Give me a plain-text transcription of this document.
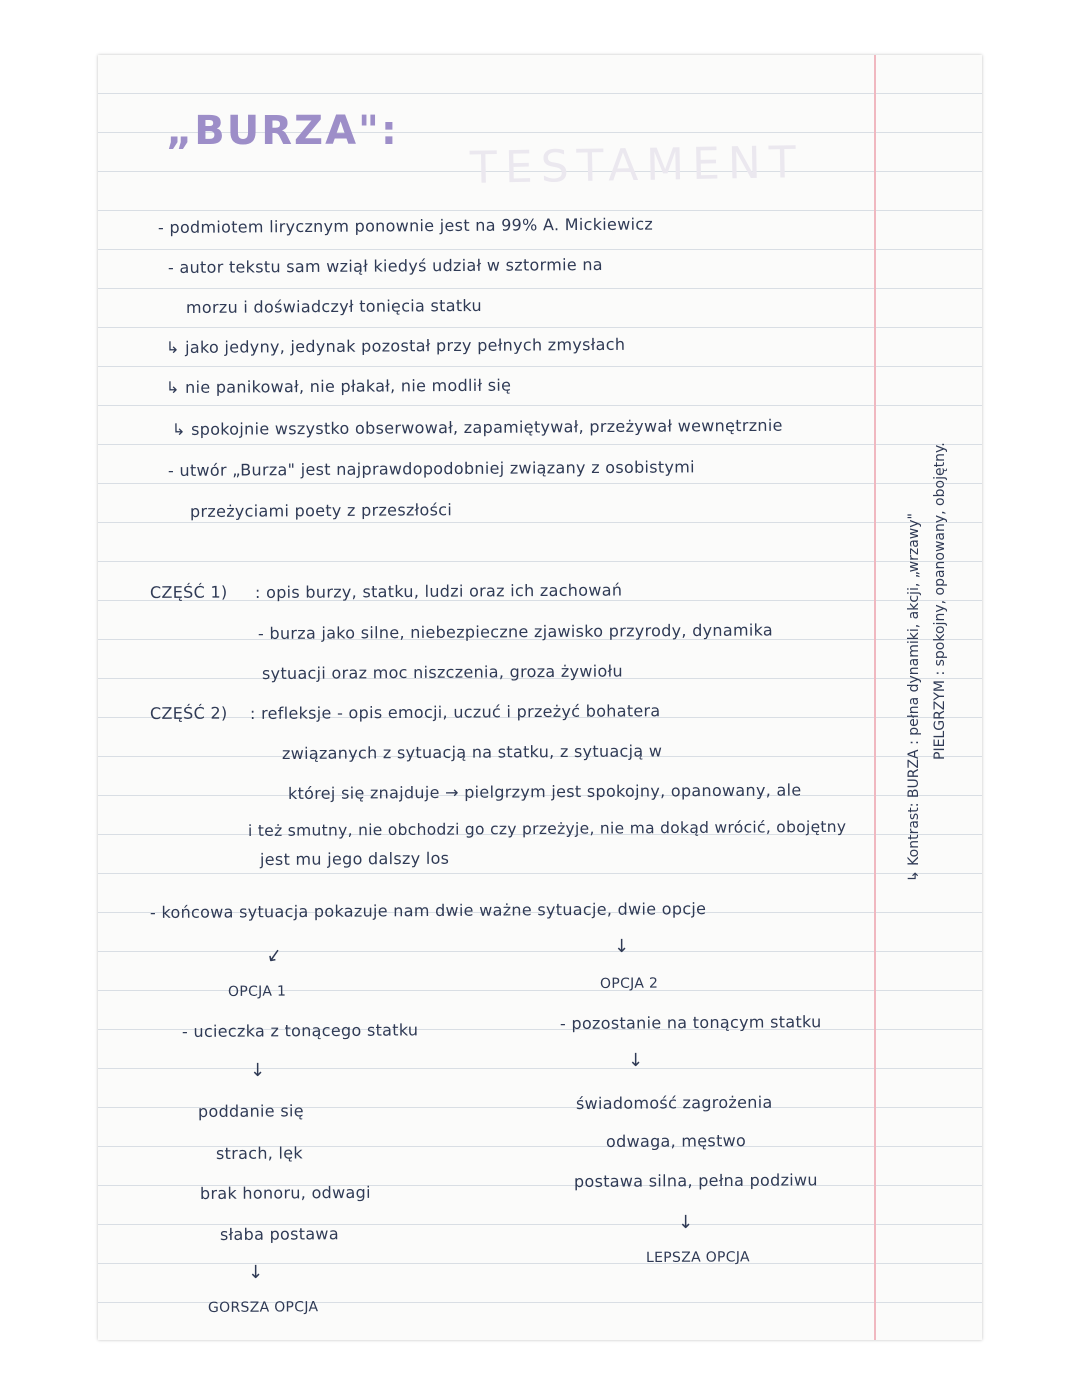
TESTAMENT
„BURZA":
- podmiotem lirycznym ponownie jest na 99% A. Mickiewicz
- autor tekstu sam wziął kiedyś udział w sztormie na
morzu i doświadczył tonięcia statku
↳ jako jedyny, jedynak pozostał przy pełnych zmysłach
↳ nie panikował, nie płakał, nie modlił się
↳ spokojnie wszystko obserwował, zapamiętywał, przeżywał wewnętrznie
- utwór „Burza" jest najprawdopodobniej związany z osobistymi
przeżyciami poety z przeszłości
CZĘŚĆ 1) : opis burzy, statku, ludzi oraz ich zachowań
- burza jako silne, niebezpieczne zjawisko przyrody, dynamika
sytuacji oraz moc niszczenia, groza żywiołu
CZĘŚĆ 2) : refleksje - opis emocji, uczuć i przeżyć bohatera
związanych z sytuacją na statku, z sytuacją w
której się znajduje → pielgrzym jest spokojny, opanowany, ale
i też smutny, nie obchodzi go czy przeżyje, nie ma dokąd wrócić, obojętny
jest mu jego dalszy los
- końcowa sytuacja pokazuje nam dwie ważne sytuacje, dwie opcje
↓	↓
OPCJA 1
- ucieczka z tonącego statku
↓
poddanie się
strach, lęk
brak honoru, odwagi
słaba postawa
↓
GORSZA OPCJA
OPCJA 2
- pozostanie na tonącym statku
↓
świadomość zagrożenia
odwaga, męstwo
postawa silna, pełna podziwu
↓
LEPSZA OPCJA
↳ Kontrast: BURZA : pełna dynamiki, akcji, „wrzawy" PIELGRZYM : spokojny, opanowany, obojętny.
